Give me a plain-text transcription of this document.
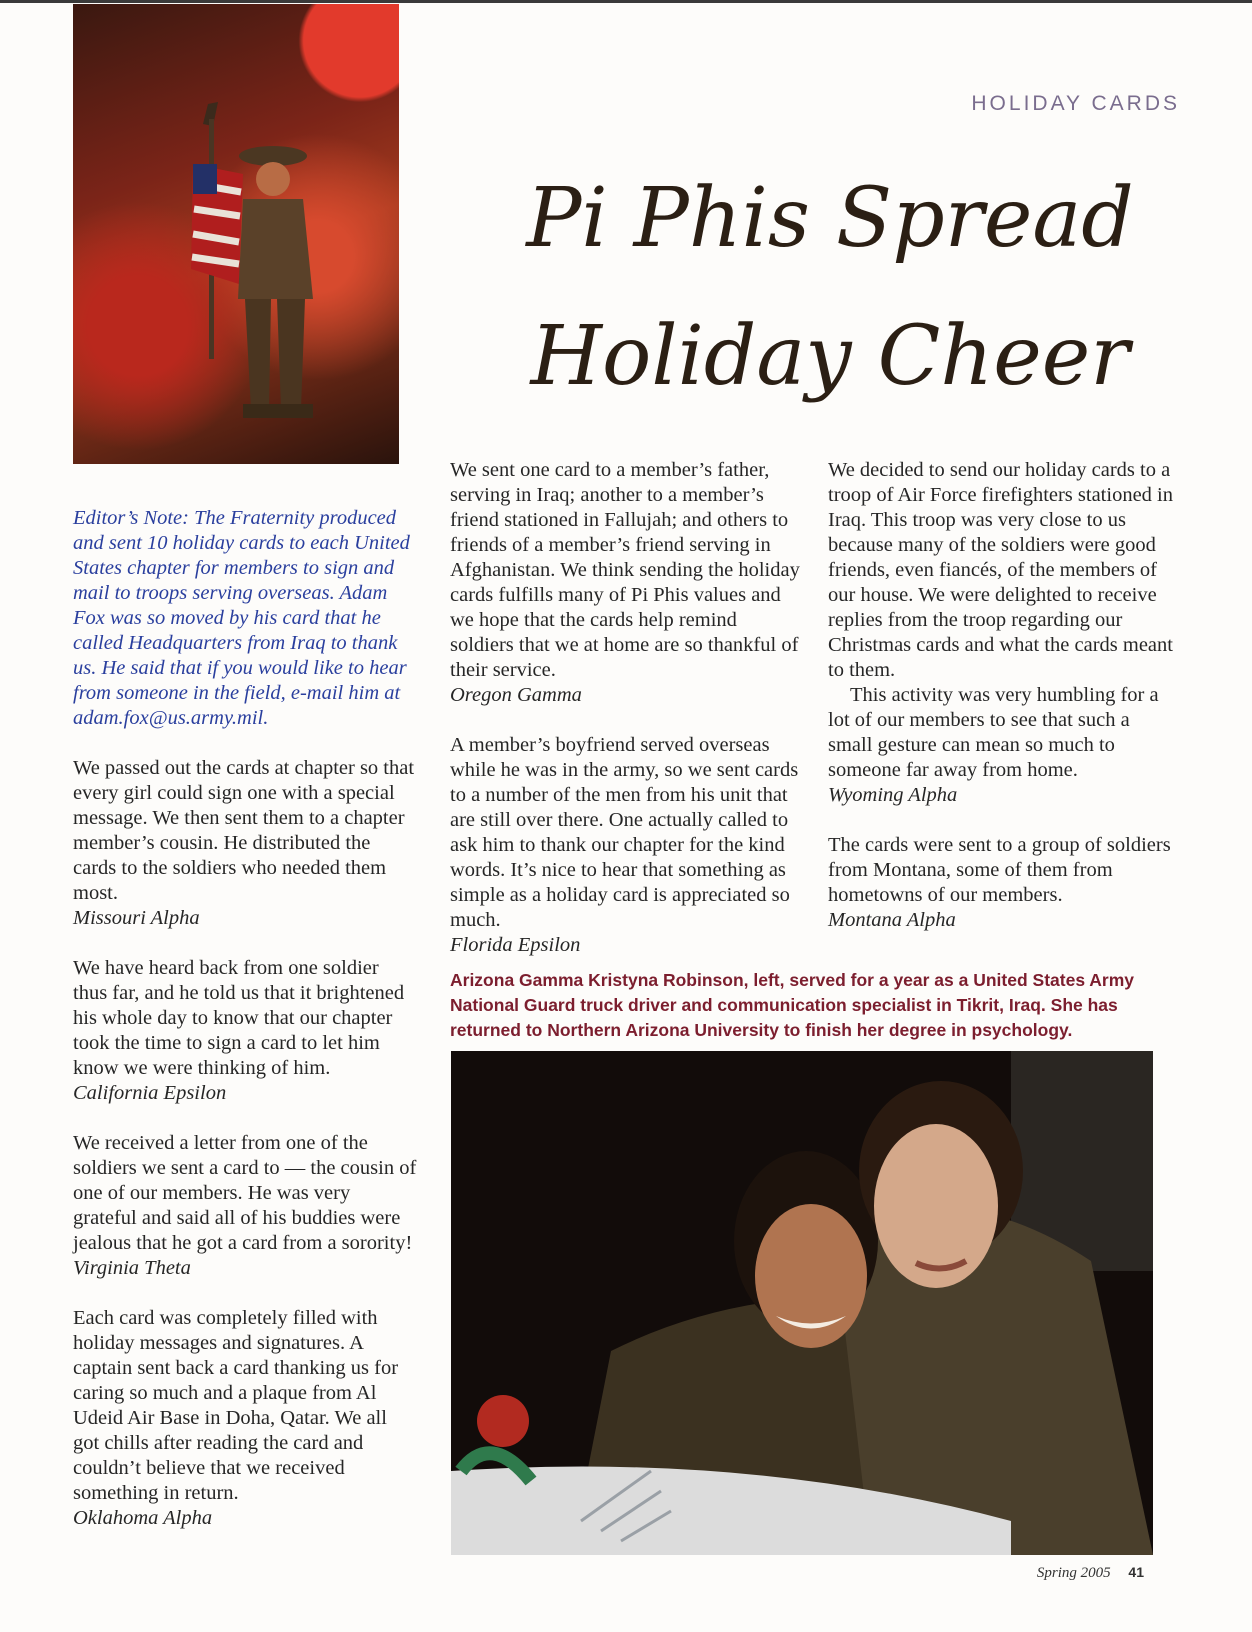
HOLIDAY CARDS
Pi Phis Spread
Holiday Cheer

Editor’s Note: The Fraternity produced and sent 10 holiday cards to each United States chapter for members to sign and mail to troops serving overseas. Adam Fox was so moved by his card that he called Headquarters from Iraq to thank us. He said that if you would like to hear from someone in the field, e-mail him at adam.fox@us.army.mil.

We passed out the cards at chapter so that every girl could sign one with a special message. We then sent them to a chapter member’s cousin. He distributed the cards to the soldiers who needed them most.
Missouri Alpha

We have heard back from one soldier thus far, and he told us that it brightened his whole day to know that our chapter took the time to sign a card to let him know we were thinking of him.
California Epsilon

We received a letter from one of the soldiers we sent a card to — the cousin of one of our members. He was very grateful and said all of his buddies were jealous that he got a card from a sorority!
Virginia Theta

Each card was completely filled with holiday messages and signatures. A captain sent back a card thanking us for caring so much and a plaque from Al Udeid Air Base in Doha, Qatar. We all got chills after reading the card and couldn’t believe that we received something in return.
Oklahoma Alpha

We sent one card to a member’s father, serving in Iraq; another to a member’s friend stationed in Fallujah; and others to friends of a member’s friend serving in Afghanistan. We think sending the holiday cards fulfills many of Pi Phis values and we hope that the cards help remind soldiers that we at home are so thankful of their service.
Oregon Gamma

A member’s boyfriend served overseas while he was in the army, so we sent cards to a number of the men from his unit that are still over there. One actually called to ask him to thank our chapter for the kind words. It’s nice to hear that something as simple as a holiday card is appreciated so much.
Florida Epsilon

We decided to send our holiday cards to a troop of Air Force firefighters stationed in Iraq. This troop was very close to us because many of the soldiers were good friends, even fiancés, of the members of our house. We were delighted to receive replies from the troop regarding our Christmas cards and what the cards meant to them.

This activity was very humbling for a lot of our members to see that such a small gesture can mean so much to someone far away from home.
Wyoming Alpha

The cards were sent to a group of soldiers from Montana, some of them from hometowns of our members.
Montana Alpha

Arizona Gamma Kristyna Robinson, left, served for a year as a United States Army National Guard truck driver and communication specialist in Tikrit, Iraq. She has returned to Northern Arizona University to finish her degree in psychology.
Spring 2005 41
